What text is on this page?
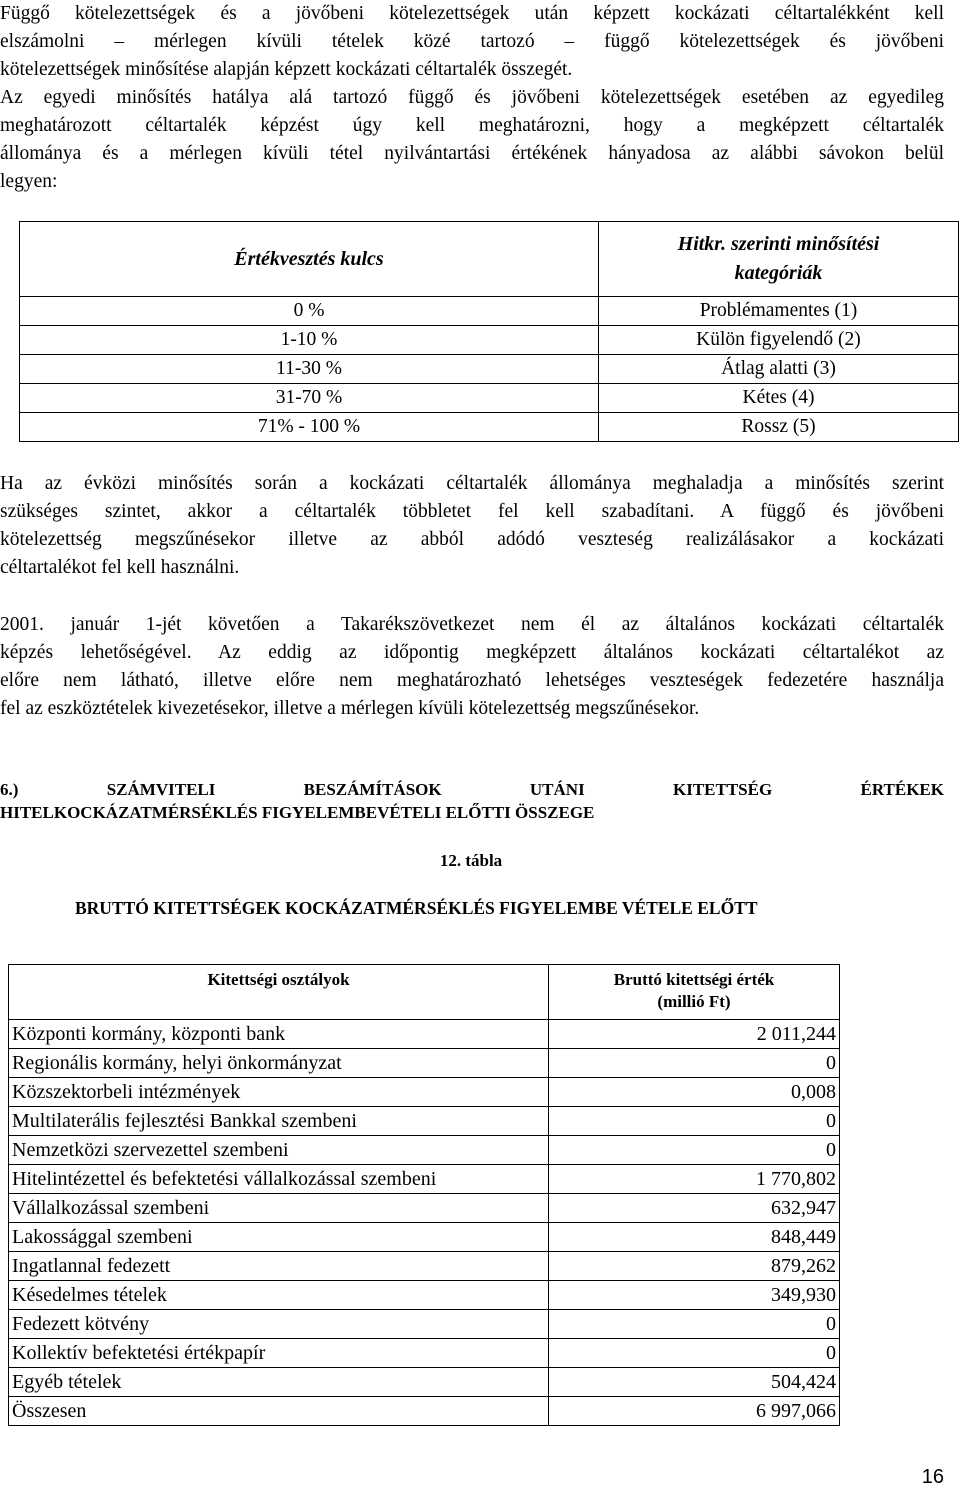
Függő kötelezettségek és a jövőbeni kötelezettségek után képzett kockázati céltartalékként kell
elszámolni – mérlegen kívüli tételek közé tartozó – függő kötelezettségek és jövőbeni
kötelezettségek minősítése alapján képzett kockázati céltartalék összegét.
Az egyedi minősítés hatálya alá tartozó függő és jövőbeni kötelezettségek esetében az egyedileg
meghatározott céltartalék képzést úgy kell meghatározni, hogy a megképzett céltartalék
állománya és a mérlegen kívüli tétel nyilvántartási értékének hányadosa az alábbi sávokon belül
legyen:
Értékvesztés kulcs	Hitkr. szerinti minősítési
kategóriák
0 %	Problémamentes (1)
1-10 %	Külön figyelendő (2)
11-30 %	Átlag alatti (3)
31-70 %	Kétes (4)
71% - 100 %	Rossz (5)
Ha az évközi minősítés során a kockázati céltartalék állománya meghaladja a minősítés szerint
szükséges szintet, akkor a céltartalék többletet fel kell szabadítani. A függő és jövőbeni
kötelezettség megszűnésekor illetve az abból adódó veszteség realizálásakor a kockázati
céltartalékot fel kell használni.
2001. január 1-jét követően a Takarékszövetkezet nem él az általános kockázati céltartalék
képzés lehetőségével. Az eddig az időpontig megképzett általános kockázati céltartalékot az
előre nem látható, illetve előre nem meghatározható lehetséges veszteségek fedezetére használja
fel az eszköztételek kivezetésekor, illetve a mérlegen kívüli kötelezettség megszűnésekor.
6.) SZÁMVITELI BESZÁMÍTÁSOK UTÁNI KITETTSÉG ÉRTÉKEK
HITELKOCKÁZATMÉRSÉKLÉS FIGYELEMBEVÉTELI ELŐTTI ÖSSZEGE
12. tábla
BRUTTÓ KITETTSÉGEK KOCKÁZATMÉRSÉKLÉS FIGYELEMBE VÉTELE ELŐTT
Kitettségi osztályok	Bruttó kitettségi érték
(millió Ft)
Központi kormány, központi bank	2 011,244
Regionális kormány, helyi önkormányzat	0
Közszektorbeli intézmények	0,008
Multilaterális fejlesztési Bankkal szembeni	0
Nemzetközi szervezettel szembeni	0
Hitelintézettel és befektetési vállalkozással szembeni	1 770,802
Vállalkozással szembeni	632,947
Lakossággal szembeni	848,449
Ingatlannal fedezett	879,262
Késedelmes tételek	349,930
Fedezett kötvény	0
Kollektív befektetési értékpapír	0
Egyéb tételek	504,424
Összesen	6 997,066
16
